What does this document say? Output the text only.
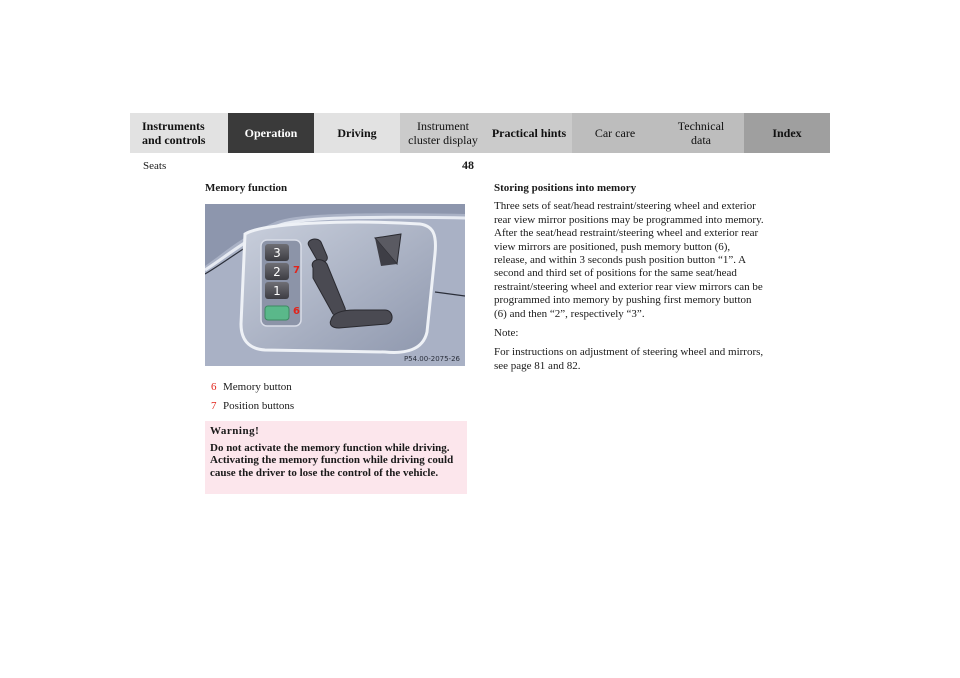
Instruments
and controls	Operation	Driving	Instrument
cluster display Practical hints Car care	Technical
data	Index
Seats	48
Memory function
3
2
1
7
6
P54.00-2075-26
6 Memory button
7 Position buttons
Warning!
Do not activate the memory function while driving. Activating the memory function while driving could cause the driver to lose the control of the vehicle.
Storing positions into memory

Three sets of seat/head restraint/steering wheel and exterior rear view mirror positions may be programmed into memory. After the seat/head restraint/steering wheel and exterior rear view mirrors are positioned, push memory button (6), release, and within 3 seconds push position button “1”. A second and third set of positions for the same seat/head restraint/steering wheel and exterior rear view mirrors can be programmed into memory by pushing first memory button (6) and then “2”, respectively “3”.

Note:

For instructions on adjustment of steering wheel and mirrors, see page 81 and 82.
